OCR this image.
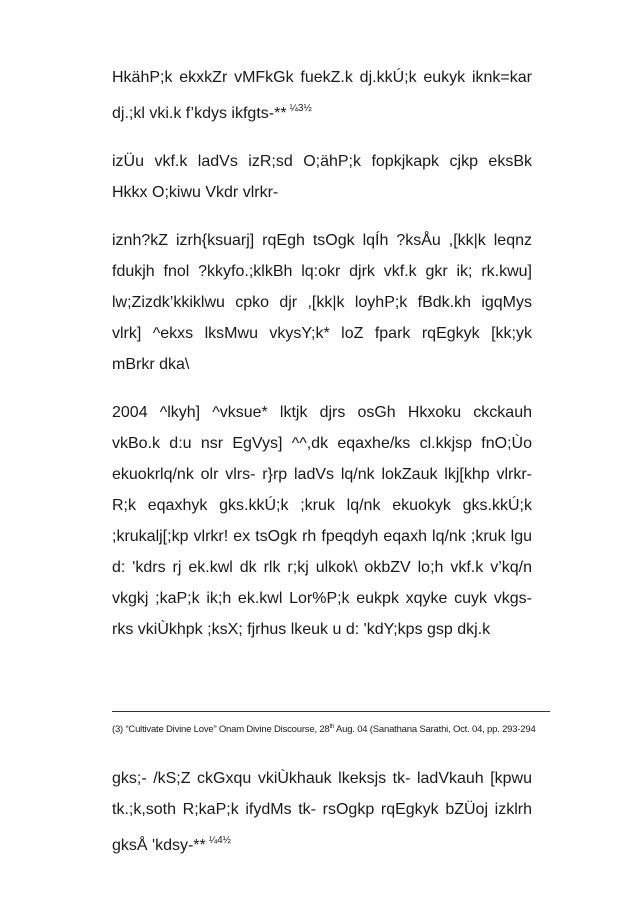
HkähP;k ekxkZr vMFkGk fuekZ.k dj.kkÚ;k eukyk iknk=kar
dj.;kl vki.k f’kdys ikfgts-** $^{\frac{1}{4}3\frac{1}{2}}$

izÜu vkf.k ladVs izR;sd O;ähP;k fopkjkapk cjkp eksBk
Hkkx O;kiwu Vkdr vlrkr-

iznh?kZ izrh{ksuarj] rqEgh tsOgk lqÍh ?ksÅu ,[kk|k leqnz
fdukjh fnol ?kkyfo.;klkBh lq:okr djrk vkf.k gkr ik; rk.kwu]
lw;Zizdk’kkiklwu cpko djr ,[kk|k loyhP;k fBdk.kh igqMys
vlrk] ^ekxs lksMwu vkysY;k* loZ fpark rqEgkyk [kk;yk
mBrkr dka\

2004 ^lkyh] ^vksue* lktjk djrs osGh Hkxoku ckckauh
vkBo.k d:u nsr EgVys] ^^,dk eqaxhe/ks cl.kkjsp fnO;Ùo
ekuokrlq/nk olr vlrs- r}rp ladVs lq/nk lokZauk lkj[khp vlrkr-
R;k eqaxhyk gks.kkÚ;k ;kruk lq/nk ekuokyk gks.kkÚ;k
;krukalj[;kp vlrkr! ex tsOgk rh fpeqdyh eqaxh lq/nk ;kruk lgu
d: 'kdrs rj ek.kwl dk rlk r;kj ulkok\ okbZV lo;h vkf.k v’kq/n
vkgkj ;kaP;k ik;h ek.kwl Lor%P;k eukpk xqyke cuyk vkgs-
rks vkiÙkhpk ;ksX; fjrhus lkeuk u d: 'kdY;kps gsp dkj.k

(3) “Cultivate Divine Love” Onam Divine Discourse, 28th Aug. 04 (Sanathana Sarathi, Oct. 04, pp. 293-294

gks;- /kS;Z ckGxqu vkiÙkhauk lkeksjs tk- ladVkauh [kpwu
tk.;k,soth R;kaP;k ifydMs tk- rsOgkp rqEgkyk bZÜoj izklrh
gksÅ 'kdsy-** $^{\frac{1}{4}4\frac{1}{2}}$
